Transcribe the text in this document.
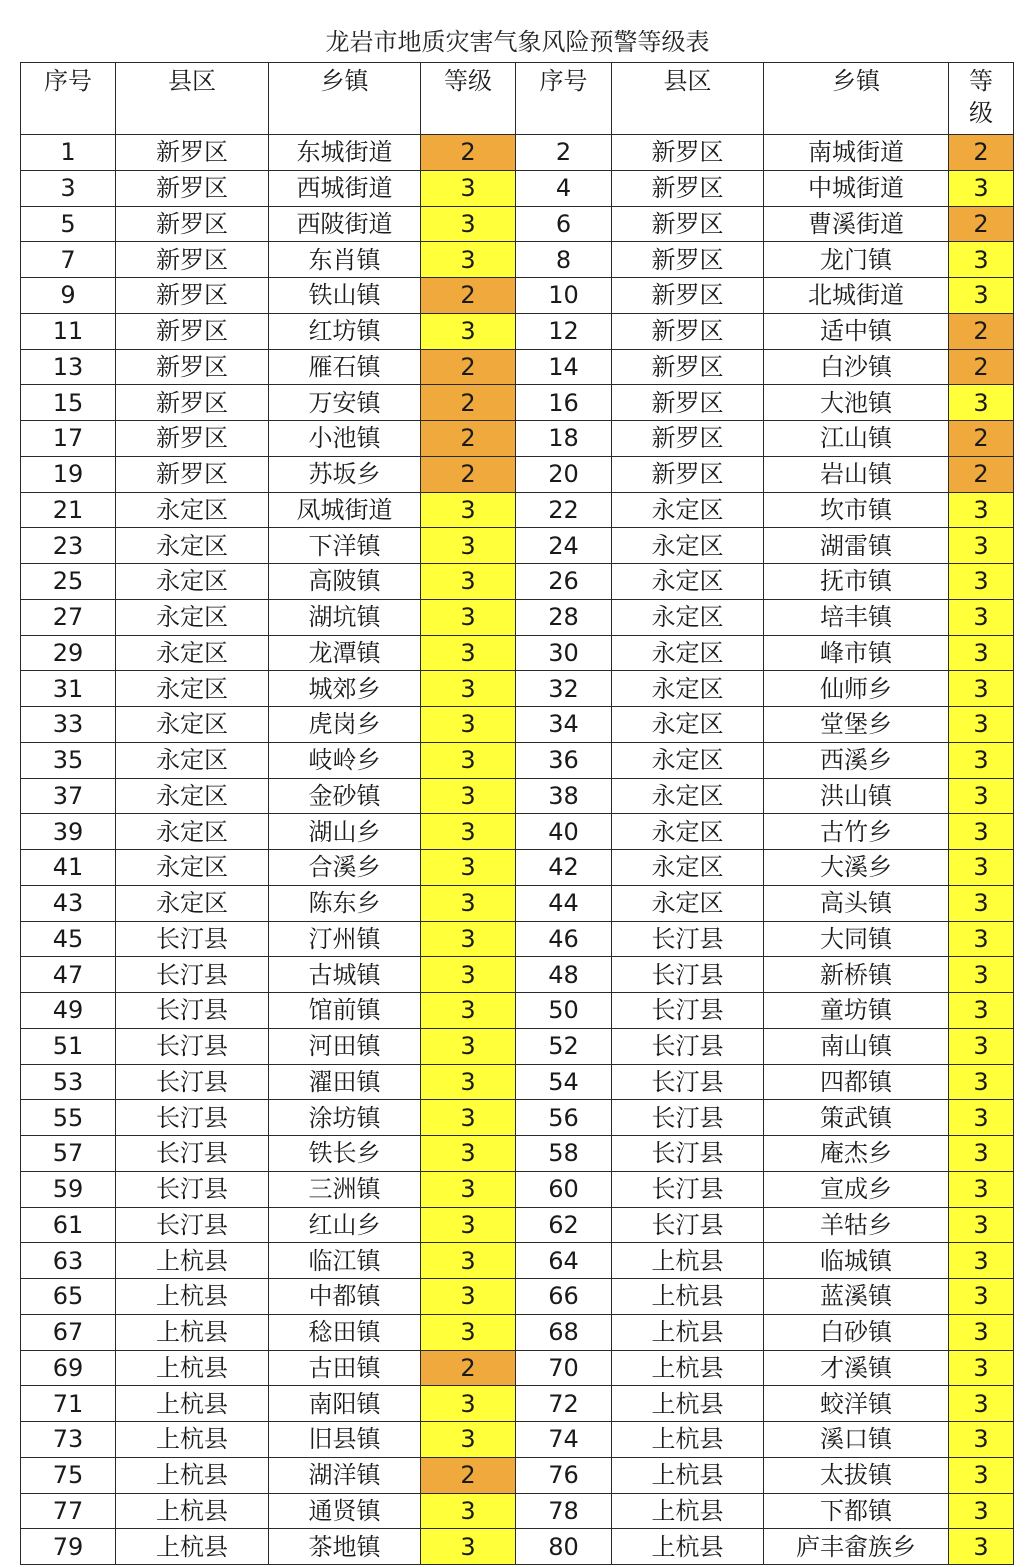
龙岩市地质灾害气象风险预警等级表
序号	县区	乡镇	等级	序号	县区	乡镇	等
级
1	新罗区	东城街道	2	2	新罗区	南城街道	2
3	新罗区	西城街道	3	4	新罗区	中城街道	3
5	新罗区	西陂街道	3	6	新罗区	曹溪街道	2
7	新罗区	东肖镇	3	8	新罗区	龙门镇	3
9	新罗区	铁山镇	2	10	新罗区	北城街道	3
11	新罗区	红坊镇	3	12	新罗区	适中镇	2
13	新罗区	雁石镇	2	14	新罗区	白沙镇	2
15	新罗区	万安镇	2	16	新罗区	大池镇	3
17	新罗区	小池镇	2	18	新罗区	江山镇	2
19	新罗区	苏坂乡	2	20	新罗区	岩山镇	2
21	永定区	凤城街道	3	22	永定区	坎市镇	3
23	永定区	下洋镇	3	24	永定区	湖雷镇	3
25	永定区	高陂镇	3	26	永定区	抚市镇	3
27	永定区	湖坑镇	3	28	永定区	培丰镇	3
29	永定区	龙潭镇	3	30	永定区	峰市镇	3
31	永定区	城郊乡	3	32	永定区	仙师乡	3
33	永定区	虎岗乡	3	34	永定区	堂堡乡	3
35	永定区	岐岭乡	3	36	永定区	西溪乡	3
37	永定区	金砂镇	3	38	永定区	洪山镇	3
39	永定区	湖山乡	3	40	永定区	古竹乡	3
41	永定区	合溪乡	3	42	永定区	大溪乡	3
43	永定区	陈东乡	3	44	永定区	高头镇	3
45	长汀县	汀州镇	3	46	长汀县	大同镇	3
47	长汀县	古城镇	3	48	长汀县	新桥镇	3
49	长汀县	馆前镇	3	50	长汀县	童坊镇	3
51	长汀县	河田镇	3	52	长汀县	南山镇	3
53	长汀县	濯田镇	3	54	长汀县	四都镇	3
55	长汀县	涂坊镇	3	56	长汀县	策武镇	3
57	长汀县	铁长乡	3	58	长汀县	庵杰乡	3
59	长汀县	三洲镇	3	60	长汀县	宣成乡	3
61	长汀县	红山乡	3	62	长汀县	羊牯乡	3
63	上杭县	临江镇	3	64	上杭县	临城镇	3
65	上杭县	中都镇	3	66	上杭县	蓝溪镇	3
67	上杭县	稔田镇	3	68	上杭县	白砂镇	3
69	上杭县	古田镇	2	70	上杭县	才溪镇	3
71	上杭县	南阳镇	3	72	上杭县	蛟洋镇	3
73	上杭县	旧县镇	3	74	上杭县	溪口镇	3
75	上杭县	湖洋镇	2	76	上杭县	太拔镇	3
77	上杭县	通贤镇	3	78	上杭县	下都镇	3
79	上杭县	茶地镇	3	80	上杭县	庐丰畲族乡	3
